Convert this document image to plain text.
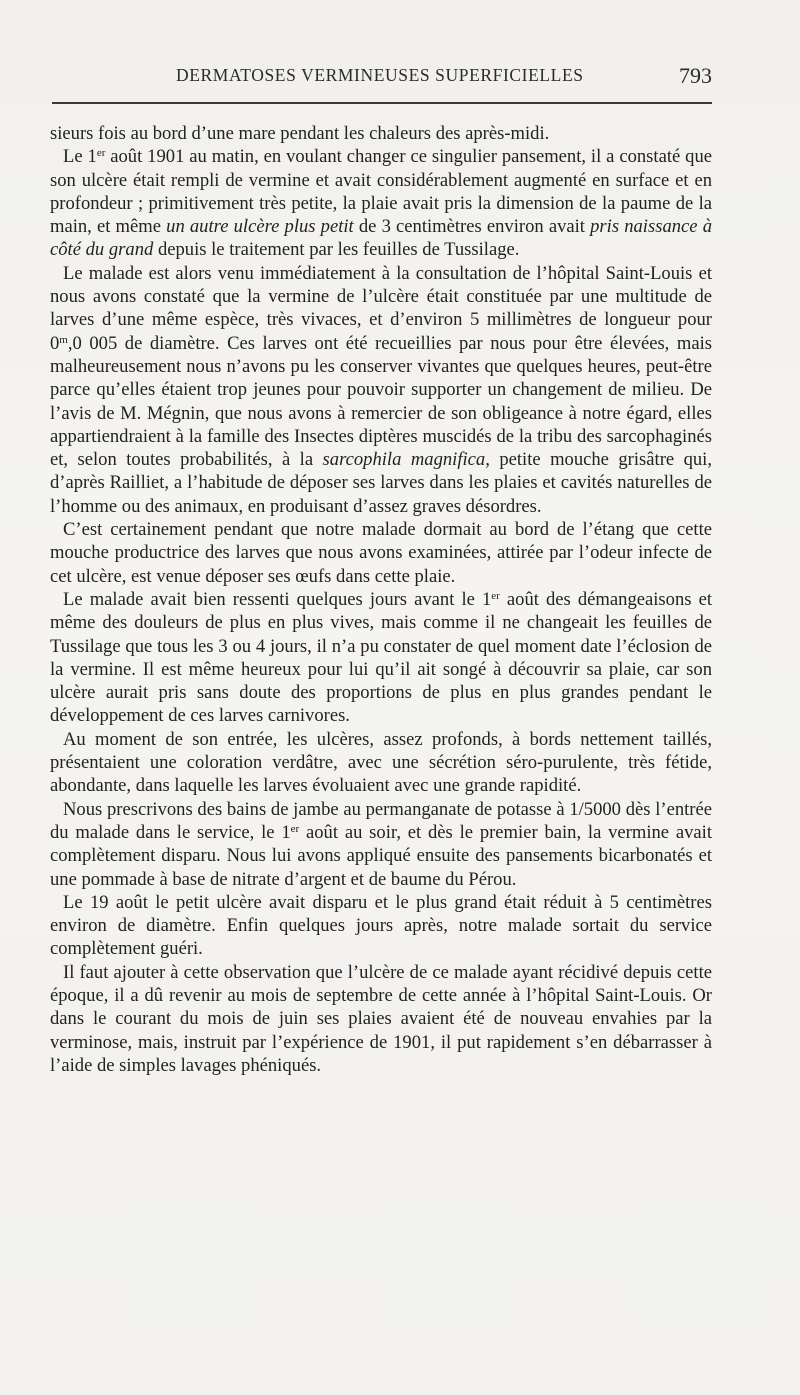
DERMATOSES VERMINEUSES SUPERFICIELLES	793

sieurs fois au bord d’une mare pendant les chaleurs des après-midi.

Le 1er août 1901 au matin, en voulant changer ce singulier pansement, il a constaté que son ulcère était rempli de vermine et avait considérablement augmenté en surface et en profondeur ; primitivement très petite, la plaie avait pris la dimension de la paume de la main, et même un autre ulcère plus petit de 3 centimètres environ avait pris naissance à côté du grand depuis le traitement par les feuilles de Tussilage.

Le malade est alors venu immédiatement à la consultation de l’hôpital Saint-Louis et nous avons constaté que la vermine de l’ulcère était constituée par une multitude de larves d’une même espèce, très vivaces, et d’environ 5 millimètres de longueur pour 0$^m$,0 005 de diamètre. Ces larves ont été recueillies par nous pour être élevées, mais malheureusement nous n’avons pu les conserver vivantes que quelques heures, peut-être parce qu’elles étaient trop jeunes pour pouvoir supporter un changement de milieu. De l’avis de M. Mégnin, que nous avons à remercier de son obligeance à notre égard, elles appartiendraient à la famille des Insectes diptères muscidés de la tribu des sarcophaginés et, selon toutes probabilités, à la sarcophila magnifica, petite mouche grisâtre qui, d’après Railliet, a l’habitude de déposer ses larves dans les plaies et cavités naturelles de l’homme ou des animaux, en produisant d’assez graves désordres.

C’est certainement pendant que notre malade dormait au bord de l’étang que cette mouche productrice des larves que nous avons examinées, attirée par l’odeur infecte de cet ulcère, est venue déposer ses œufs dans cette plaie.

Le malade avait bien ressenti quelques jours avant le 1er août des démangeaisons et même des douleurs de plus en plus vives, mais comme il ne changeait les feuilles de Tussilage que tous les 3 ou 4 jours, il n’a pu constater de quel moment date l’éclosion de la vermine. Il est même heureux pour lui qu’il ait songé à découvrir sa plaie, car son ulcère aurait pris sans doute des proportions de plus en plus grandes pendant le développement de ces larves carnivores.

Au moment de son entrée, les ulcères, assez profonds, à bords nettement taillés, présentaient une coloration verdâtre, avec une sécrétion séro-purulente, très fétide, abondante, dans laquelle les larves évoluaient avec une grande rapidité.

Nous prescrivons des bains de jambe au permanganate de potasse à 1/5000 dès l’entrée du malade dans le service, le 1er août au soir, et dès le premier bain, la vermine avait complètement disparu. Nous lui avons appliqué ensuite des pansements bicarbonatés et une pommade à base de nitrate d’argent et de baume du Pérou.

Le 19 août le petit ulcère avait disparu et le plus grand était réduit à 5 centimètres environ de diamètre. Enfin quelques jours après, notre malade sortait du service complètement guéri.

Il faut ajouter à cette observation que l’ulcère de ce malade ayant récidivé depuis cette époque, il a dû revenir au mois de septembre de cette année à l’hôpital Saint-Louis. Or dans le courant du mois de juin ses plaies avaient été de nouveau envahies par la verminose, mais, instruit par l’expérience de 1901, il put rapidement s’en débarrasser à l’aide de simples lavages phéniqués.
